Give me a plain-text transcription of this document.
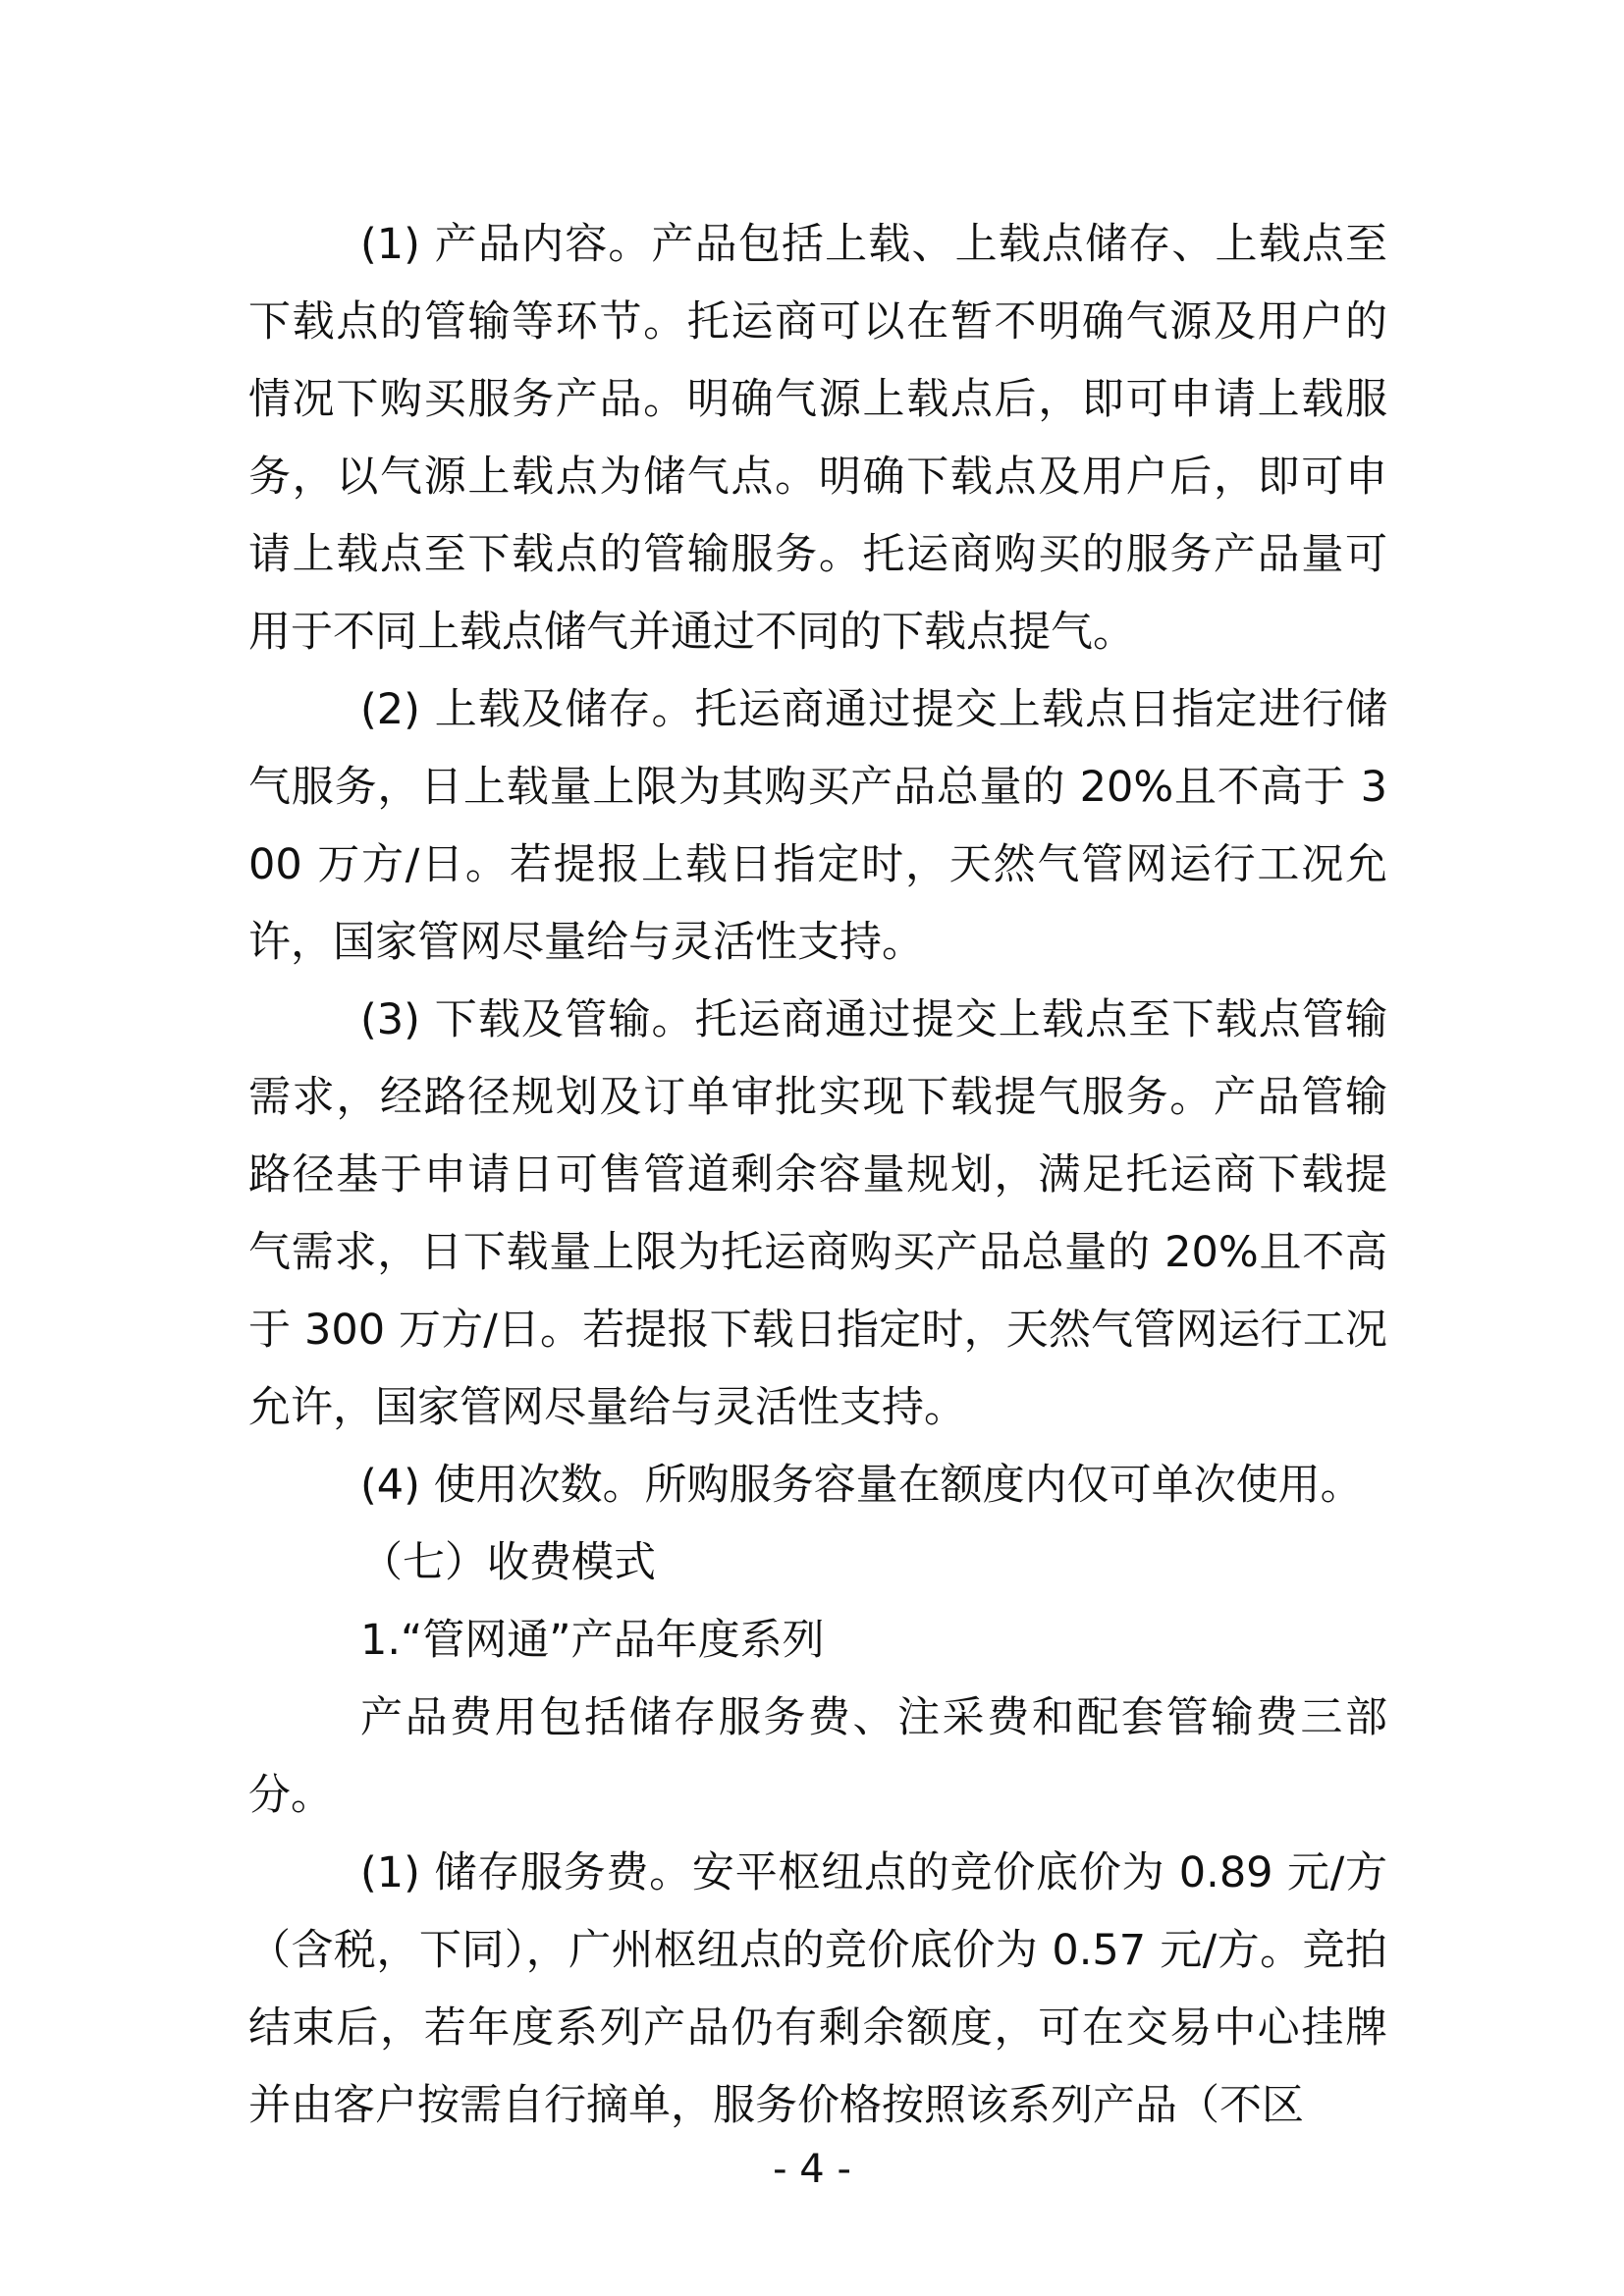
(1) 产品内容。产品包括上载、上载点储存、上载点至下载点的管输等环节。托运商可以在暂不明确气源及用户的情况下购买服务产品。明确气源上载点后，即可申请上载服务，以气源上载点为储气点。明确下载点及用户后，即可申请上载点至下载点的管输服务。托运商购买的服务产品量可用于不同上载点储气并通过不同的下载点提气。

(2) 上载及储存。托运商通过提交上载点日指定进行储气服务，日上载量上限为其购买产品总量的 20%且不高于 300 万方/日。若提报上载日指定时，天然气管网运行工况允许，国家管网尽量给与灵活性支持。

(3) 下载及管输。托运商通过提交上载点至下载点管输需求，经路径规划及订单审批实现下载提气服务。产品管输路径基于申请日可售管道剩余容量规划，满足托运商下载提气需求，日下载量上限为托运商购买产品总量的 20%且不高于 300 万方/日。若提报下载日指定时，天然气管网运行工况允许，国家管网尽量给与灵活性支持。

(4) 使用次数。所购服务容量在额度内仅可单次使用。

（七）收费模式

1.“管网通”产品年度系列

产品费用包括储存服务费、注采费和配套管输费三部分。

(1) 储存服务费。安平枢纽点的竞价底价为 0.89 元/方（含税，下同），广州枢纽点的竞价底价为 0.57 元/方。竞拍结束后，若年度系列产品仍有剩余额度，可在交易中心挂牌并由客户按需自行摘单，服务价格按照该系列产品（不区

- 4 -
